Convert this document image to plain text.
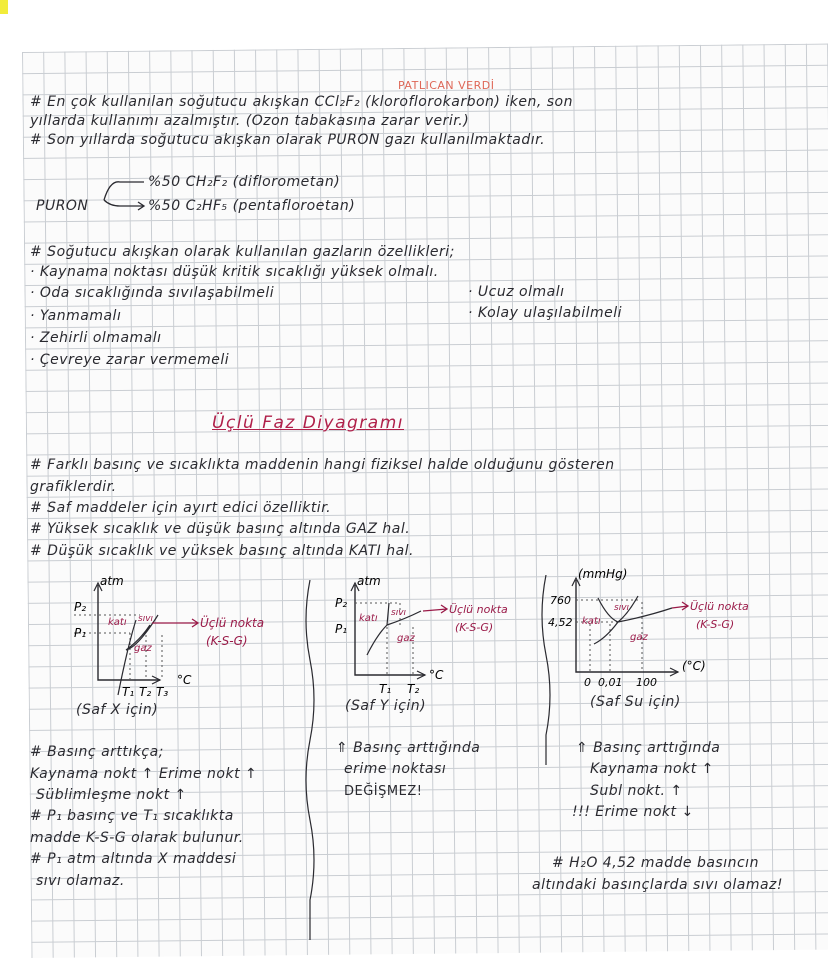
PATLICAN VERDİ
# En çok kullanılan soğutucu akışkan CCl₂F₂ (kloroflorokarbon) iken, son
yıllarda kullanımı azalmıştır. (Ozon tabakasına zarar verir.)
# Son yıllarda soğutucu akışkan olarak PURON gazı kullanılmaktadır.
%50 CH₂F₂ (diflorometan)
PURON	%50 C₂HF₅ (pentafloroetan)
# Soğutucu akışkan olarak kullanılan gazların özellikleri;
· Kaynama noktası düşük kritik sıcaklığı yüksek olmalı.
· Oda sıcaklığında sıvılaşabilmeli
· Yanmamalı
· Zehirli olmamalı
· Çevreye zarar vermemeli
· Ucuz olmalı
· Kolay ulaşılabilmeli
Üçlü Faz Diyagramı
# Farklı basınç ve sıcaklıkta maddenin hangi fiziksel halde olduğunu gösteren
grafiklerdir.
# Saf maddeler için ayırt edici özelliktir.
# Yüksek sıcaklık ve düşük basınç altında GAZ hal.
# Düşük sıcaklık ve yüksek basınç altında KATI hal.
atm
P₂
P₁
T₁ T₂ T₃
°C
katı sıvı
gaz
Üçlü nokta
(K-S-G)
(Saf X için)
atm
P₂
P₁
T₁ T₂
°C
katı sıvı
gaz
Üçlü nokta
(K-S-G)
(Saf Y için)
(mmHg)
760
4,52
0 0,01 100
(°C)
katı
sıvı
gaz
Üçlü nokta
(K-S-G)
(Saf Su için)
# Basınç arttıkça;
Kaynama nokt ↑ Erime nokt ↑
Süblimleşme nokt ↑
# P₁ basınç ve T₁ sıcaklıkta
madde K-S-G olarak bulunur.
# P₁ atm altında X maddesi
sıvı olamaz.
⇑ Basınç arttığında
erime noktası
DEĞİŞMEZ!
⇑ Basınç arttığında
Kaynama nokt ↑
Subl nokt. ↑
!!! Erime nokt ↓
# H₂O 4,52 madde basıncın
altındaki basınçlarda sıvı olamaz!
